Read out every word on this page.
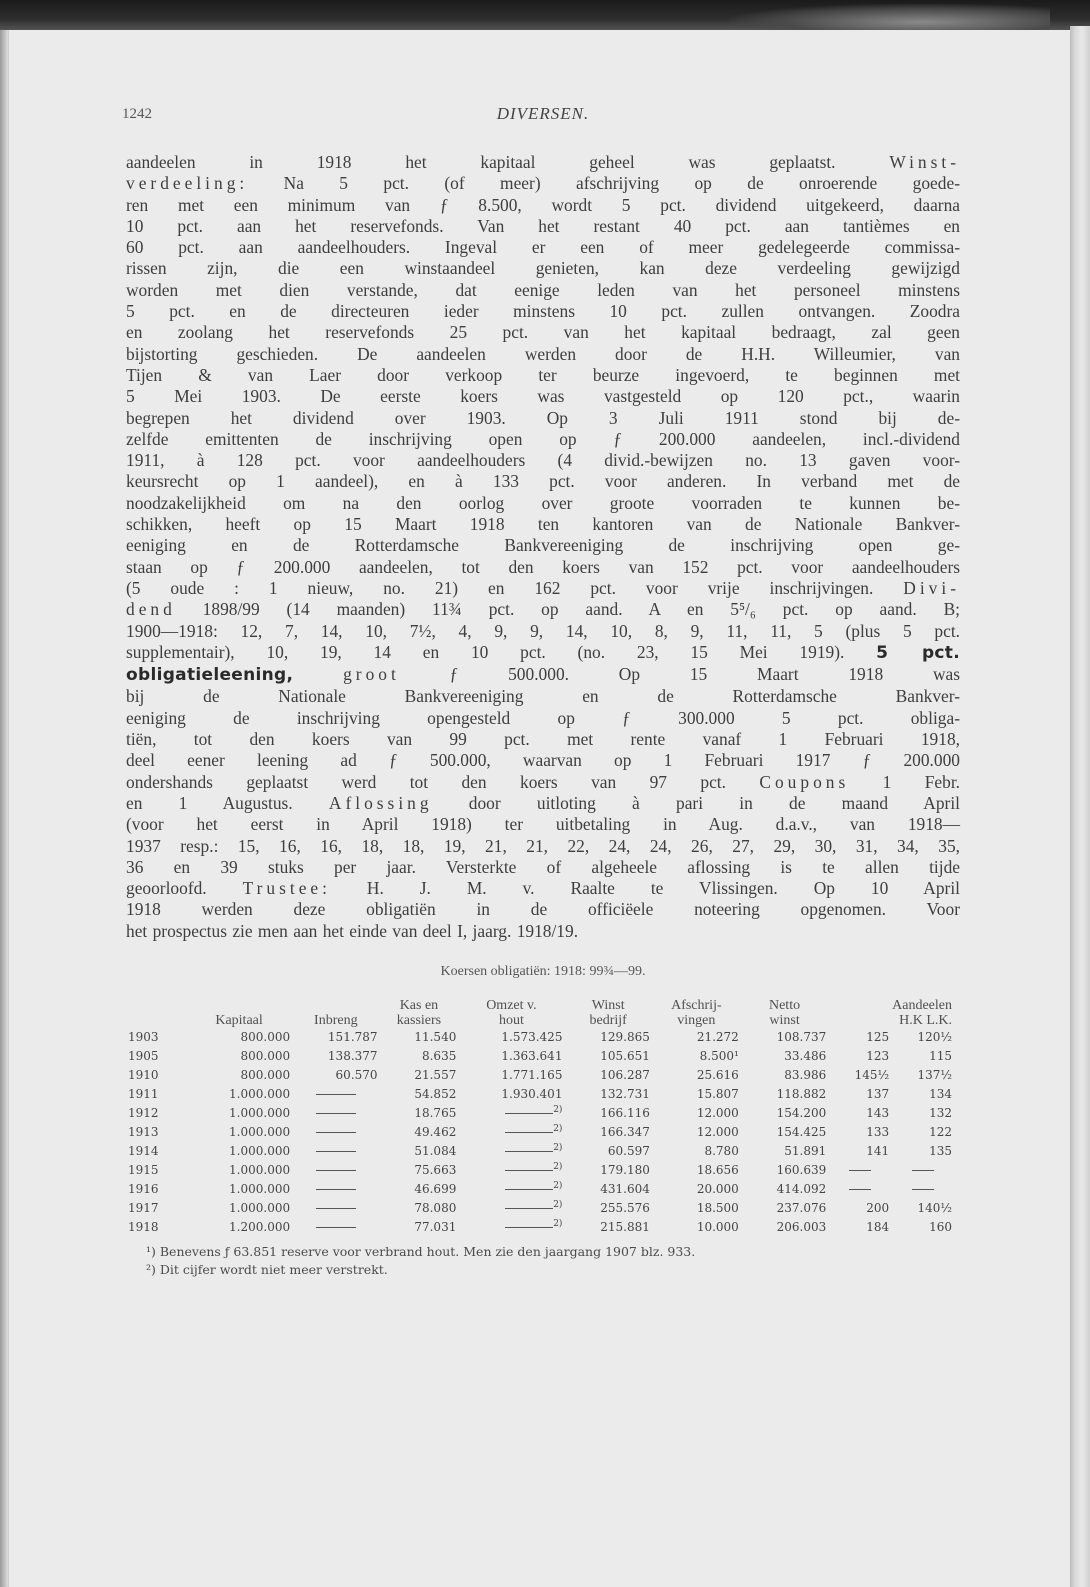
1242	DIVERSEN.
aandeelen in 1918 het kapitaal geheel was geplaatst. Winst-
verdeeling: Na 5 pct. (of meer) afschrijving op de onroerende goede-
ren met een minimum van ƒ 8.500, wordt 5 pct. dividend uitgekeerd, daarna
10 pct. aan het reservefonds. Van het restant 40 pct. aan tantièmes en
60 pct. aan aandeelhouders. Ingeval er een of meer gedelegeerde commissa-
rissen zijn, die een winstaandeel genieten, kan deze verdeeling gewijzigd
worden met dien verstande, dat eenige leden van het personeel minstens
5 pct. en de directeuren ieder minstens 10 pct. zullen ontvangen. Zoodra
en zoolang het reservefonds 25 pct. van het kapitaal bedraagt, zal geen
bijstorting geschieden. De aandeelen werden door de H.H. Willeumier, van
Tijen & van Laer door verkoop ter beurze ingevoerd, te beginnen met
5 Mei 1903. De eerste koers was vastgesteld op 120 pct., waarin
begrepen het dividend over 1903. Op 3 Juli 1911 stond bij de-
zelfde emittenten de inschrijving open op ƒ 200.000 aandeelen, incl.-dividend
1911, à 128 pct. voor aandeelhouders (4 divid.-bewijzen no. 13 gaven voor-
keursrecht op 1 aandeel), en à 133 pct. voor anderen. In verband met de
noodzakelijkheid om na den oorlog over groote voorraden te kunnen be-
schikken, heeft op 15 Maart 1918 ten kantoren van de Nationale Bankver-
eeniging en de Rotterdamsche Bankvereeniging de inschrijving open ge-
staan op ƒ 200.000 aandeelen, tot den koers van 152 pct. voor aandeelhouders
(5 oude : 1 nieuw, no. 21) en 162 pct. voor vrije inschrijvingen. Divi-
dend 1898/99 (14 maanden) 11¾ pct. op aand. A en 5⁵/₆ pct. op aand. B;
1900—1918: 12, 7, 14, 10, 7½, 4, 9, 9, 14, 10, 8, 9, 11, 11, 5 (plus 5 pct.
supplementair), 10, 19, 14 en 10 pct. (no. 23, 15 Mei 1919). 5 pct.
obligatieleening,	groot ƒ 500.000. Op 15 Maart 1918 was
bij de Nationale Bankvereeniging en de Rotterdamsche Bankver-
eeniging de inschrijving opengesteld op ƒ 300.000 5 pct. obliga-
tiën, tot den koers van 99 pct. met rente vanaf 1 Februari 1918,
deel eener leening ad ƒ 500.000, waarvan op 1 Februari 1917 ƒ 200.000
ondershands geplaatst werd tot den koers van 97 pct. Coupons 1 Febr.
en 1 Augustus. Aflossing door uitloting à pari in de maand April
(voor het eerst in April 1918) ter uitbetaling in Aug. d.a.v., van 1918—
1937 resp.: 15, 16, 16, 18, 18, 19, 21, 21, 22, 24, 24, 26, 27, 29, 30, 31, 34, 35,
36 en 39 stuks per jaar. Versterkte of algeheele aflossing is te allen tijde
geoorloofd. Trustee: H. J. M. v. Raalte te Vlissingen. Op 10 April
1918 werden deze obligatiën in de officiëele noteering opgenomen. Voor
het prospectus zie men aan het einde van deel I, jaarg. 1918/19.
Koersen obligatiën: 1918: 99¾—99.
			Kas en	Omzet v.	Winst	Afschrij-	Netto	Aandeelen	
	Kapitaal	Inbreng	kassiers	hout	bedrijf	vingen	winst	H.K L.K.	
1903	800.000	151.787	11.540	1.573.425	129.865	21.272	108.737	125	120½
1905	800.000	138.377	8.635	1.363.641	105.651	8.500¹	33.486	123	115
1910	800.000	60.570	21.557	1.771.165	106.287	25.616	83.986	145½	137½
1911	1.000.000		54.852	1.930.401	132.731	15.807	118.882	137	134
1912	1.000.000		18.765	$^{2)}$	166.116	12.000	154.200	143	132
1913	1.000.000		49.462	$^{2)}$	166.347	12.000	154.425	133	122
1914	1.000.000		51.084	$^{2)}$	60.597	8.780	51.891	141	135
1915	1.000.000		75.663	$^{2)}$	179.180	18.656	160.639		
1916	1.000.000		46.699	$^{2)}$	431.604	20.000	414.092		
1917	1.000.000		78.080	$^{2)}$	255.576	18.500	237.076	200	140½
1918	1.200.000		77.031	$^{2)}$	215.881	10.000	206.003	184	160
¹) Benevens ƒ 63.851 reserve voor verbrand hout. Men zie den jaargang 1907 blz. 933.
²) Dit cijfer wordt niet meer verstrekt.
